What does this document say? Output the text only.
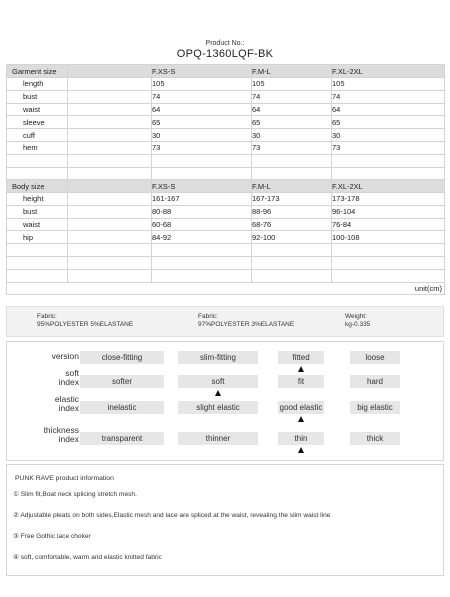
Product No.:
OPQ-1360LQF-BK
Garment size		F.XS-S	F.M-L	F.XL-2XL
length		105	105	105
bust		74	74	74
waist		64	64	64
sleeve		65	65	65
cuff		30	30	30
hem		73	73	73

Body size		F.XS-S	F.M-L	F.XL-2XL
height		161-167	167-173	173-178
bust		80-88	88-96	96-104
waist		60-68	68-76	76-84
hip		84-92	92-100	100-108

unit(cm)				
Fabric:
95%POLYESTER 5%ELASTANE
Fabric:
97%POLYESTER 3%ELASTANE
Weight:
kg-0.335
version	close-fitting	slim-fitting	fitted	loose
soft
index	softer	soft	fit	hard
elastic
index	inelastic	slight elastic	good elastic	big elastic
thickness
index	transparent	thinner	thin	thick
PUNK RAVE product information
① Slim fit,Boat neck splicing stretch mesh.
② Adjustable pleats on both sides,Elastic mesh and lace are spliced at the waist, revealing the slim waist line
③ Free Gothic lace choker
④ soft, comfortable, warm and elastic knitted fabric
